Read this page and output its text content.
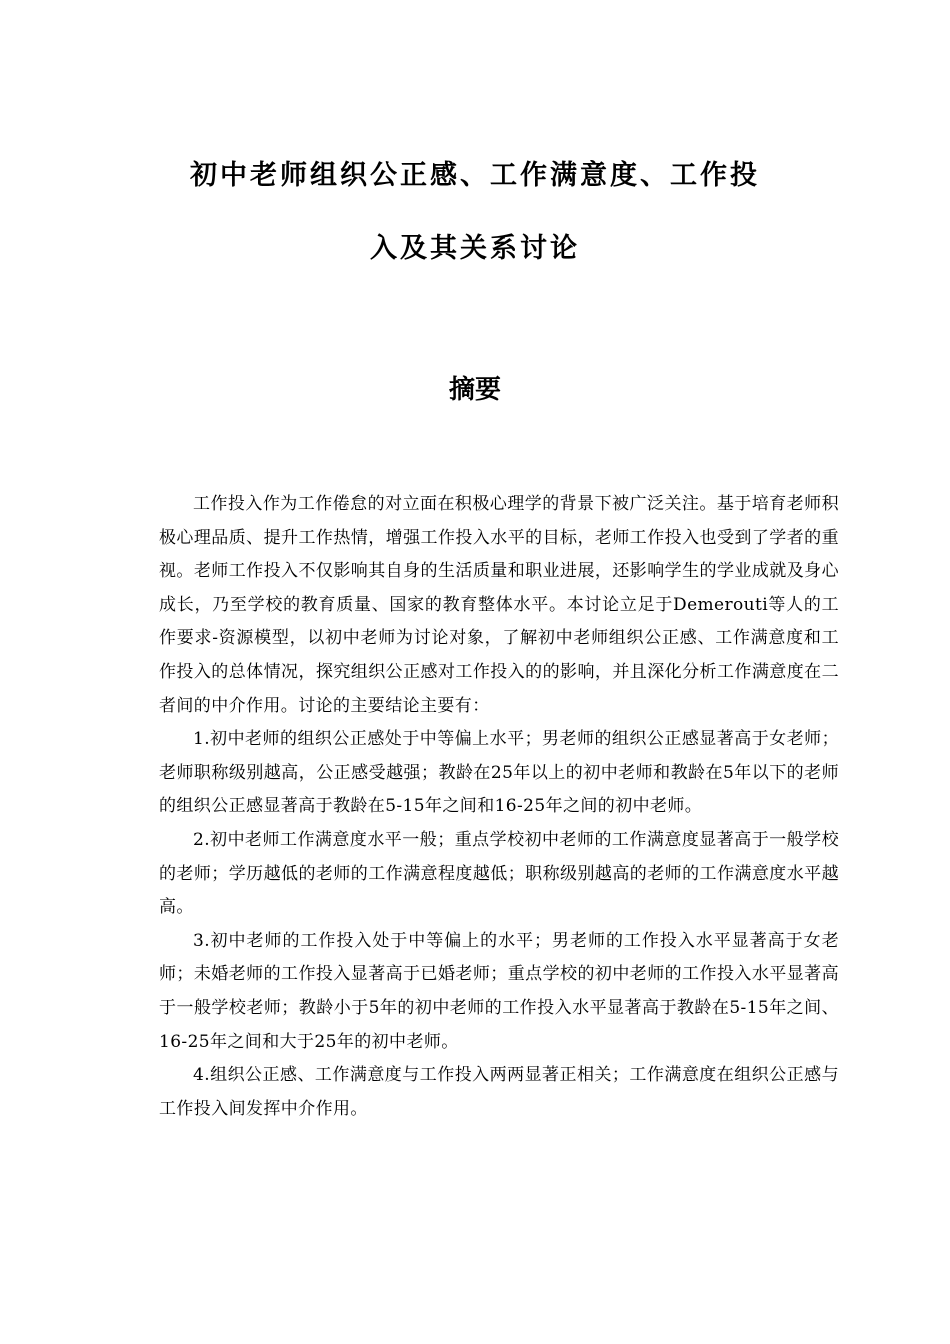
初中老师组织公正感、工作满意度、工作投
入及其关系讨论
摘要

工作投入作为工作倦怠的对立面在积极心理学的背景下被广泛关注。基于培育老师积极心理品质、提升工作热情，增强工作投入水平的目标，老师工作投入也受到了学者的重视。老师工作投入不仅影响其自身的生活质量和职业进展，还影响学生的学业成就及身心成长，乃至学校的教育质量、国家的教育整体水平。本讨论立足于Demerouti等人的工作要求-资源模型，以初中老师为讨论对象，了解初中老师组织公正感、工作满意度和工作投入的总体情况，探究组织公正感对工作投入的的影响，并且深化分析工作满意度在二者间的中介作用。讨论的主要结论主要有：

1.初中老师的组织公正感处于中等偏上水平；男老师的组织公正感显著高于女老师；老师职称级别越高，公正感受越强；教龄在25年以上的初中老师和教龄在5年以下的老师的组织公正感显著高于教龄在5-15年之间和16-25年之间的初中老师。

2.初中老师工作满意度水平一般；重点学校初中老师的工作满意度显著高于一般学校的老师；学历越低的老师的工作满意程度越低；职称级别越高的老师的工作满意度水平越高。

3.初中老师的工作投入处于中等偏上的水平；男老师的工作投入水平显著高于女老师；未婚老师的工作投入显著高于已婚老师；重点学校的初中老师的工作投入水平显著高于一般学校老师；教龄小于5年的初中老师的工作投入水平显著高于教龄在5-15年之间、16-25年之间和大于25年的初中老师。

4.组织公正感、工作满意度与工作投入两两显著正相关；工作满意度在组织公正感与工作投入间发挥中介作用。
